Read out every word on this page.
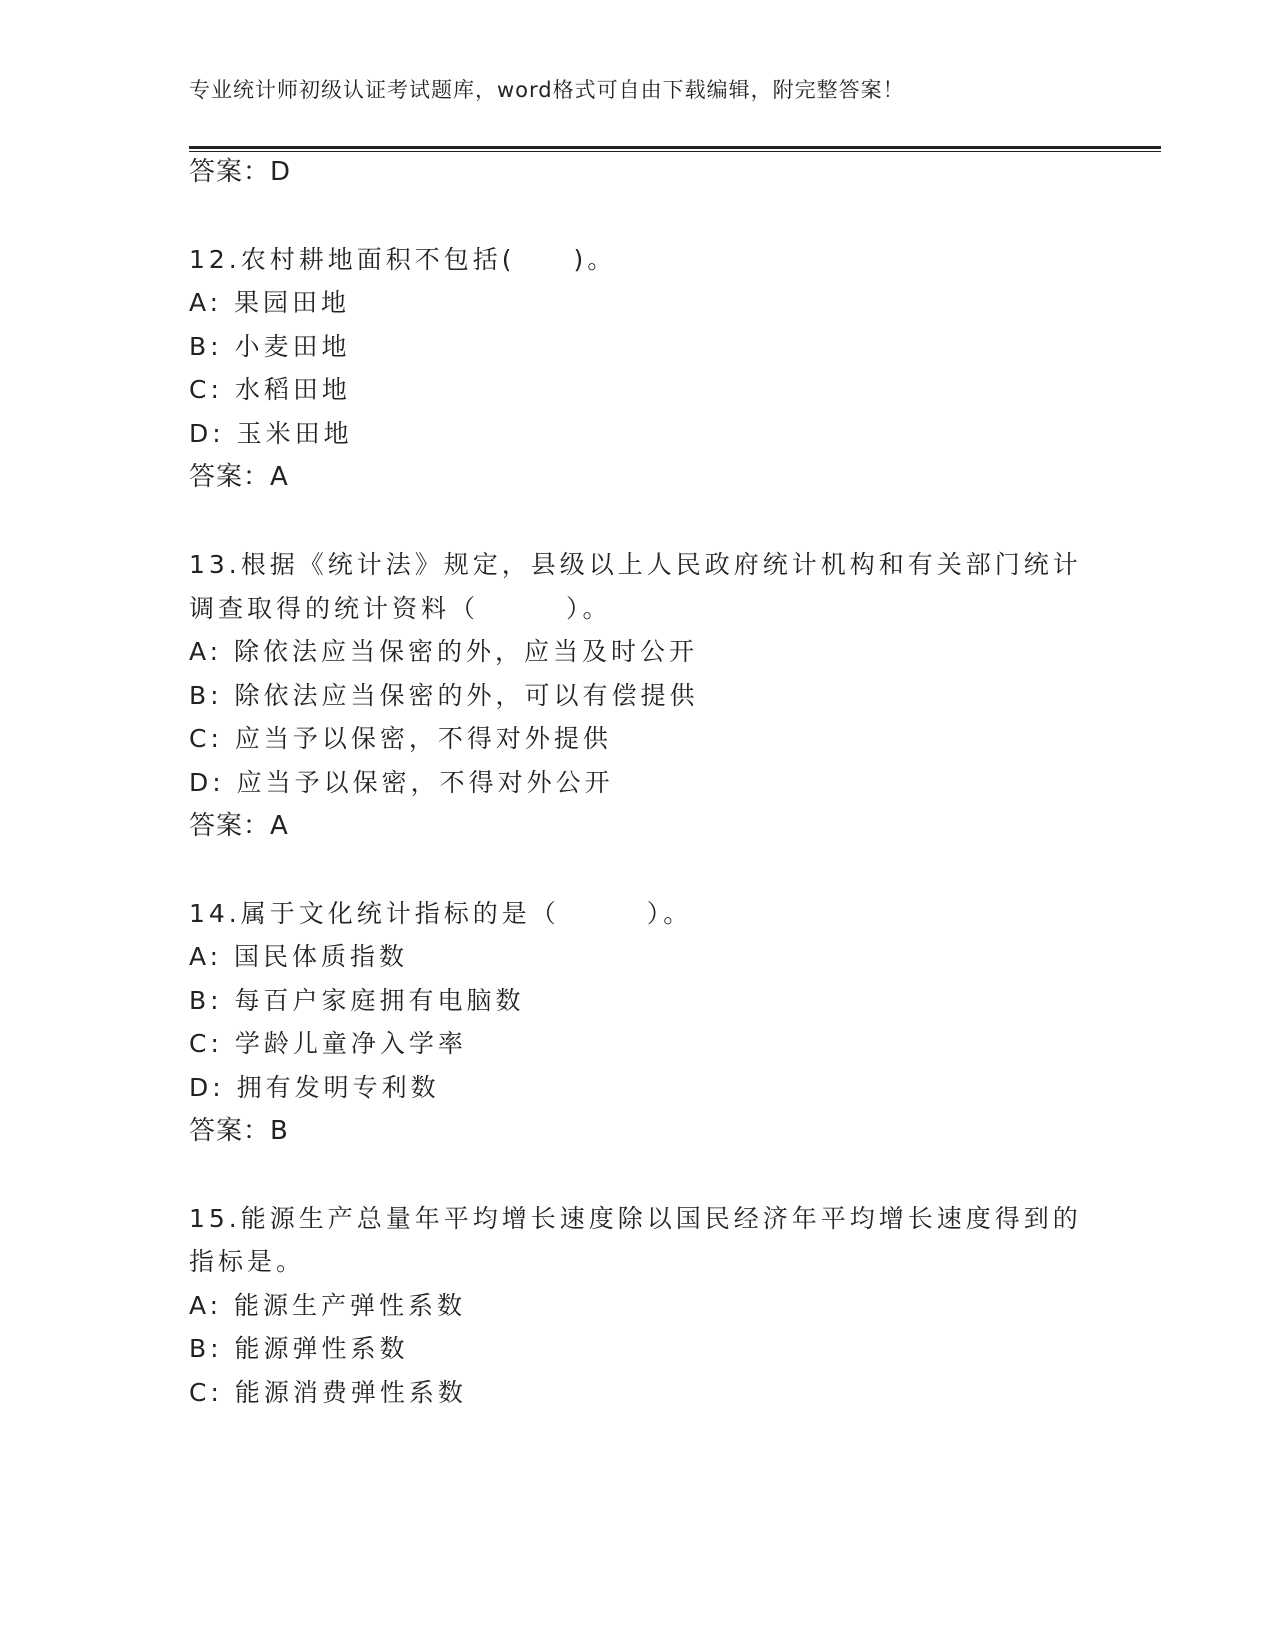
专业统计师初级认证考试题库，word格式可自由下载编辑，附完整答案！
答案：D
12.农村耕地面积不包括(　　)。
A: 果园田地
B: 小麦田地
C: 水稻田地
D: 玉米田地
答案：A
13.根据《统计法》规定，县级以上人民政府统计机构和有关部门统计
调查取得的统计资料（　　　）。
A: 除依法应当保密的外，应当及时公开
B: 除依法应当保密的外，可以有偿提供
C: 应当予以保密，不得对外提供
D: 应当予以保密，不得对外公开
答案：A
14.属于文化统计指标的是（　　　）。
A: 国民体质指数
B: 每百户家庭拥有电脑数
C: 学龄儿童净入学率
D: 拥有发明专利数
答案：B
15.能源生产总量年平均增长速度除以国民经济年平均增长速度得到的
指标是。
A: 能源生产弹性系数
B: 能源弹性系数
C: 能源消费弹性系数
